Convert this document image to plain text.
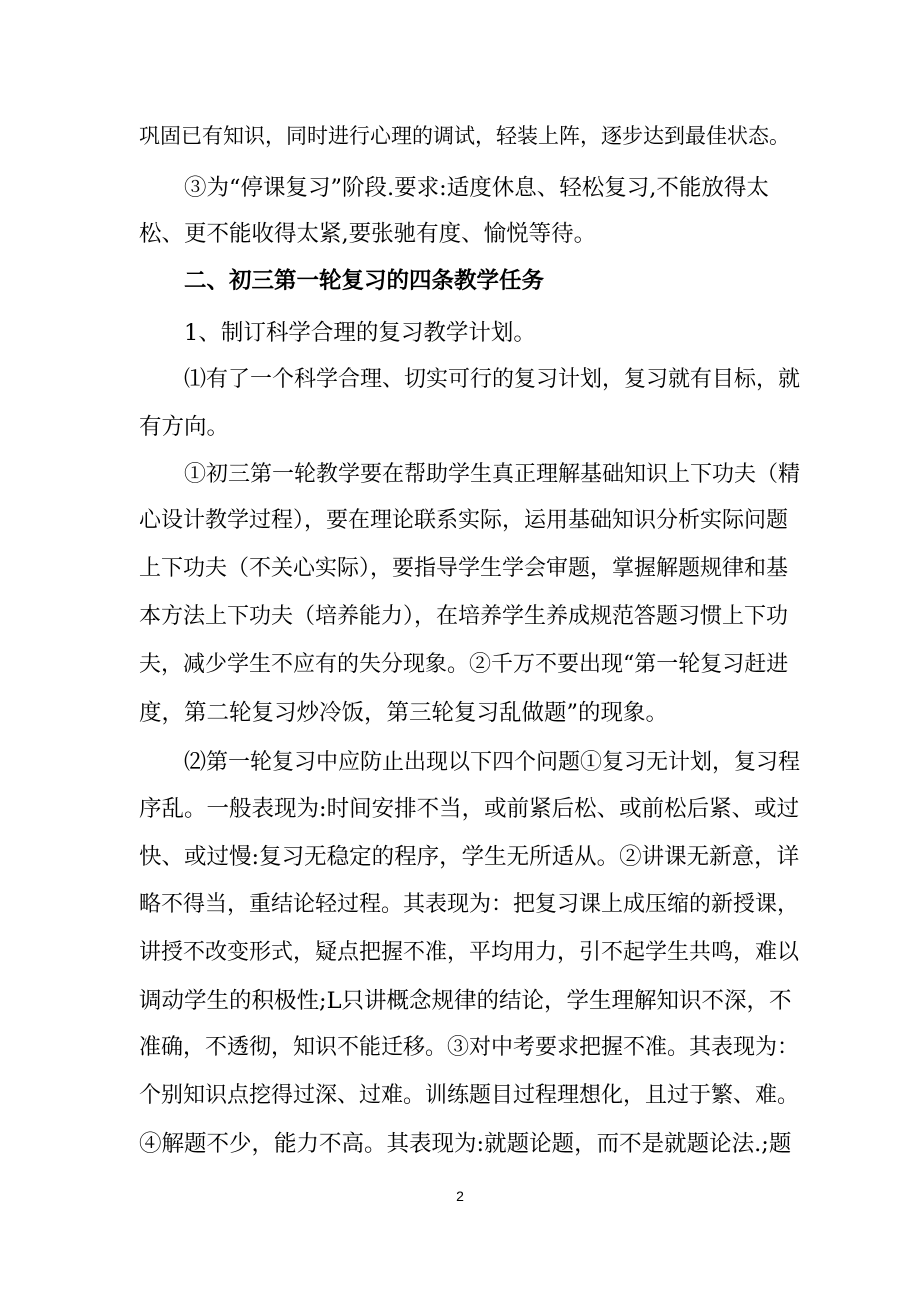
巩固已有知识，同时进行心理的调试，轻装上阵，逐步达到最佳状态。
③为“停课复习”阶段.要求:适度休息、轻松复习,不能放得太
松、更不能收得太紧,要张驰有度、愉悦等待。
二、初三第一轮复习的四条教学任务
1、制订科学合理的复习教学计划。
⑴有了一个科学合理、切实可行的复习计划，复习就有目标，就
有方向。
①初三第一轮教学要在帮助学生真正理解基础知识上下功夫（精
心设计教学过程），要在理论联系实际，运用基础知识分析实际问题
上下功夫（不关心实际），要指导学生学会审题，掌握解题规律和基
本方法上下功夫（培养能力），在培养学生养成规范答题习惯上下功
夫，减少学生不应有的失分现象。②千万不要出现“第一轮复习赶进
度，第二轮复习炒冷饭，第三轮复习乱做题”的现象。
⑵第一轮复习中应防止出现以下四个问题①复习无计划，复习程
序乱。一般表现为:时间安排不当，或前紧后松、或前松后紧、或过
快、或过慢:复习无稳定的程序，学生无所适从。②讲课无新意，详
略不得当，重结论轻过程。其表现为：把复习课上成压缩的新授课，
讲授不改变形式，疑点把握不准，平均用力，引不起学生共鸣，难以
调动学生的积极性;L只讲概念规律的结论，学生理解知识不深，不
准确，不透彻，知识不能迁移。③对中考要求把握不准。其表现为：
个别知识点挖得过深、过难。训练题目过程理想化，且过于繁、难。
④解题不少，能力不高。其表现为:就题论题，而不是就题论法.;题
2
